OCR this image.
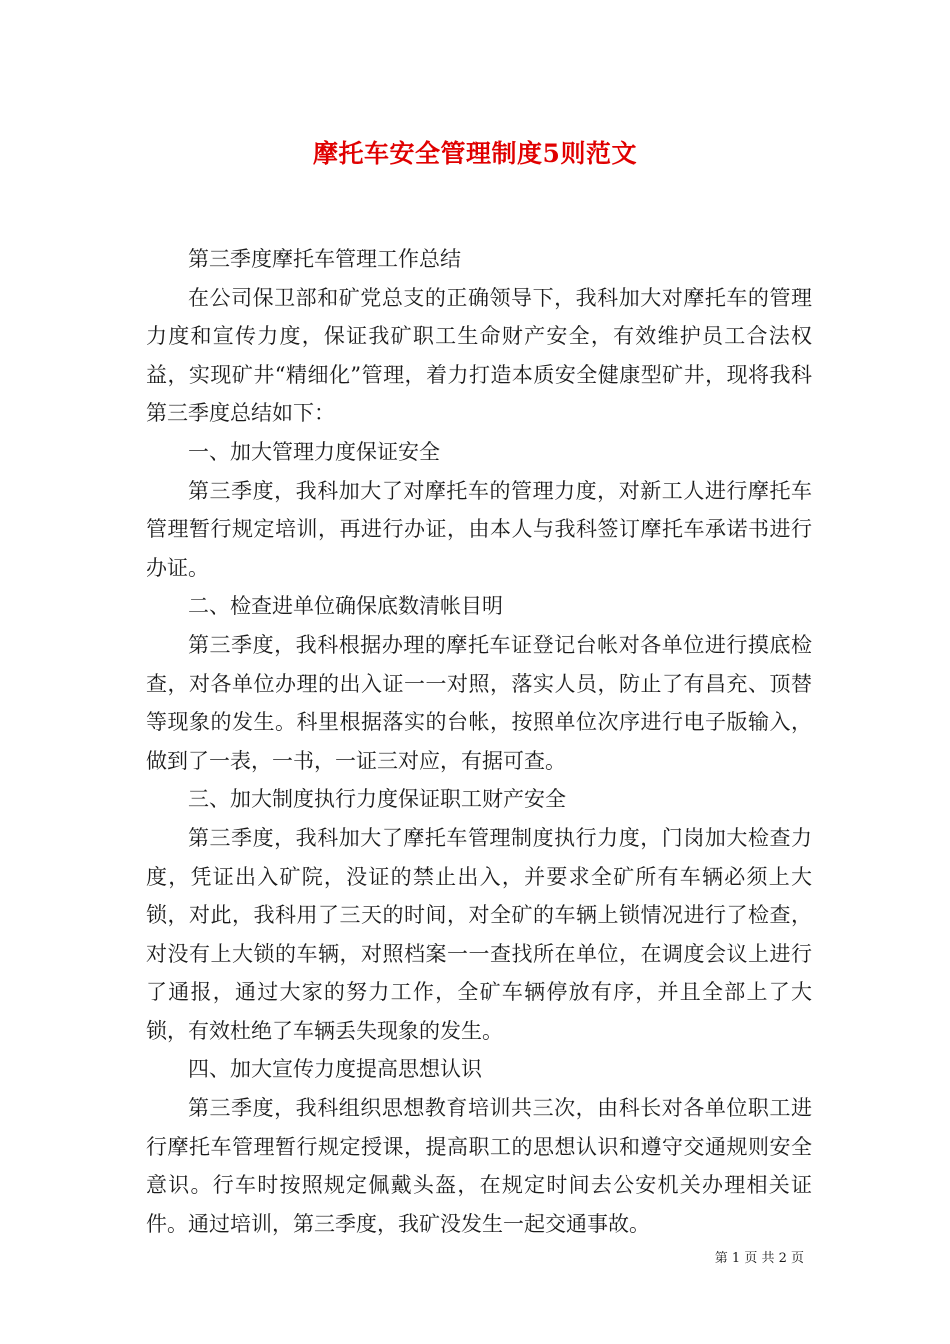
摩托车安全管理制度5则范文

第三季度摩托车管理工作总结

在公司保卫部和矿党总支的正确领导下，我科加大对摩托车的管理力度和宣传力度，保证我矿职工生命财产安全，有效维护员工合法权益，实现矿井“精细化”管理，着力打造本质安全健康型矿井，现将我科第三季度总结如下：

一、加大管理力度保证安全

第三季度，我科加大了对摩托车的管理力度，对新工人进行摩托车管理暂行规定培训，再进行办证，由本人与我科签订摩托车承诺书进行办证。

二、检查进单位确保底数清帐目明

第三季度，我科根据办理的摩托车证登记台帐对各单位进行摸底检查，对各单位办理的出入证一一对照，落实人员，防止了有昌充、顶替等现象的发生。科里根据落实的台帐，按照单位次序进行电子版输入，做到了一表，一书，一证三对应，有据可查。

三、加大制度执行力度保证职工财产安全

第三季度，我科加大了摩托车管理制度执行力度，门岗加大检查力度，凭证出入矿院，没证的禁止出入，并要求全矿所有车辆必须上大锁，对此，我科用了三天的时间，对全矿的车辆上锁情况进行了检查，对没有上大锁的车辆，对照档案一一查找所在单位，在调度会议上进行了通报，通过大家的努力工作，全矿车辆停放有序，并且全部上了大锁，有效杜绝了车辆丢失现象的发生。

四、加大宣传力度提高思想认识

第三季度，我科组织思想教育培训共三次，由科长对各单位职工进行摩托车管理暂行规定授课，提高职工的思想认识和遵守交通规则安全意识。行车时按照规定佩戴头盔，在规定时间去公安机关办理相关证件。通过培训，第三季度，我矿没发生一起交通事故。

第 1 页 共 2 页
